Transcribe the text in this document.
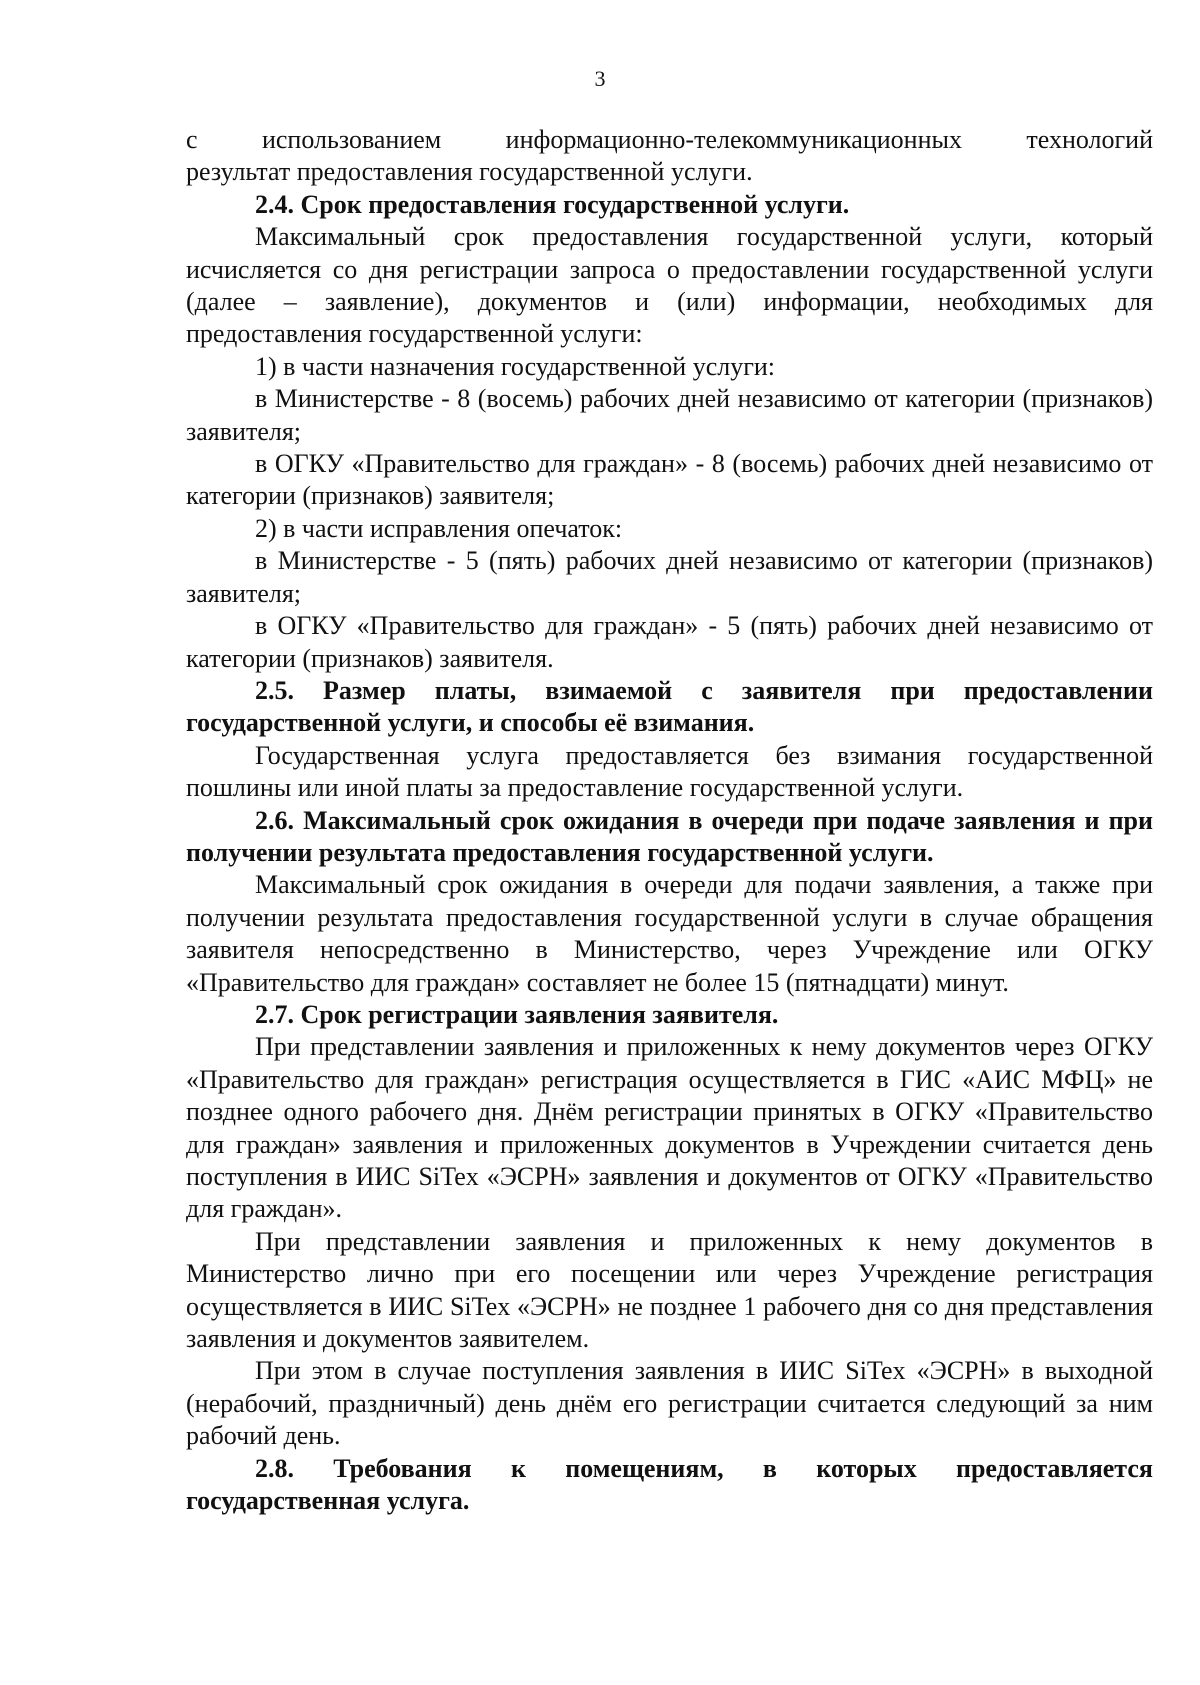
3

с использованием информационно-телекоммуникационных технологий

результат предоставления государственной услуги.

2.4. Срок предоставления государственной услуги.

Максимальный срок предоставления государственной услуги, который исчисляется со дня регистрации запроса о предоставлении государственной услуги (далее – заявление), документов и (или) информации, необходимых для предоставления государственной услуги:

1) в части назначения государственной услуги:

в Министерстве - 8 (восемь) рабочих дней независимо от категории (признаков) заявителя;

в ОГКУ «Правительство для граждан» - 8 (восемь) рабочих дней независимо от категории (признаков) заявителя;

2) в части исправления опечаток:

в Министерстве - 5 (пять) рабочих дней независимо от категории (признаков) заявителя;

в ОГКУ «Правительство для граждан» - 5 (пять) рабочих дней независимо от категории (признаков) заявителя.

2.5. Размер платы, взимаемой с заявителя при предоставлении государственной услуги, и способы её взимания.

Государственная услуга предоставляется без взимания государственной пошлины или иной платы за предоставление государственной услуги.

2.6. Максимальный срок ожидания в очереди при подаче заявления и при получении результата предоставления государственной услуги.

Максимальный срок ожидания в очереди для подачи заявления, а также при получении результата предоставления государственной услуги в случае обращения заявителя непосредственно в Министерство, через Учреждение или ОГКУ «Правительство для граждан» составляет не более 15 (пятнадцати) минут.

2.7. Срок регистрации заявления заявителя.

При представлении заявления и приложенных к нему документов через ОГКУ «Правительство для граждан» регистрация осуществляется в ГИС «АИС МФЦ» не позднее одного рабочего дня. Днём регистрации принятых в ОГКУ «Правительство для граждан» заявления и приложенных документов в Учреждении считается день поступления в ИИС SiTex «ЭСРН» заявления и документов от ОГКУ «Правительство для граждан».

При представлении заявления и приложенных к нему документов в Министерство лично при его посещении или через Учреждение регистрация осуществляется в ИИС SiTex «ЭСРН» не позднее 1 рабочего дня со дня представления заявления и документов заявителем.

При этом в случае поступления заявления в ИИС SiTex «ЭСРН» в выходной (нерабочий, праздничный) день днём его регистрации считается следующий за ним рабочий день.

2.8. Требования к помещениям, в которых предоставляется государственная услуга.
